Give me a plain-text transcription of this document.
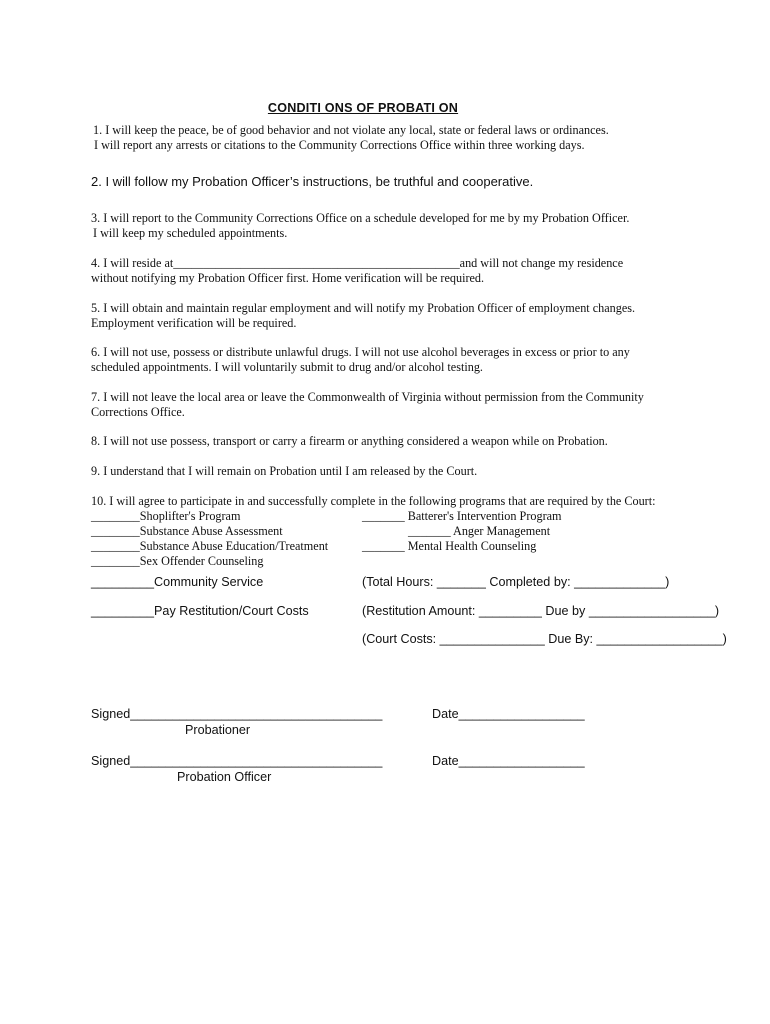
CONDITI ONS OF PROBATI ON
1. I will keep the peace, be of good behavior and not violate any local, state or federal laws or ordinances.
I will report any arrests or citations to the Community Corrections Office within three working days.
2. I will follow my Probation Officer’s instructions, be truthful and cooperative.
3. I will report to the Community Corrections Office on a schedule developed for me by my Probation Officer.
I will keep my scheduled appointments.
4. I will reside at_______________________________________________and will not change my residence
without notifying my Probation Officer first. Home verification will be required.
5. I will obtain and maintain regular employment and will notify my Probation Officer of employment changes.
Employment verification will be required.
6. I will not use, possess or distribute unlawful drugs. I will not use alcohol beverages in excess or prior to any
scheduled appointments. I will voluntarily submit to drug and/or alcohol testing.
7. I will not leave the local area or leave the Commonwealth of Virginia without permission from the Community
Corrections Office.
8. I will not use possess, transport or carry a firearm or anything considered a weapon while on Probation.
9. I understand that I will remain on Probation until I am released by the Court.
10. I will agree to participate in and successfully complete in the following programs that are required by the Court:
________Shoplifter's Program	_______ Batterer's Intervention Program
________Substance Abuse Assessment	_______ Anger Management
________Substance Abuse Education/Treatment	_______ Mental Health Counseling
________Sex Offender Counseling
_________Community Service	(Total Hours: _______ Completed by: _____________)
_________Pay Restitution/Court Costs	(Restitution Amount: _________ Due by __________________)
(Court Costs: _______________ Due By: __________________)
Signed____________________________________	Date__________________
Probationer
Signed____________________________________	Date__________________
Probation Officer
